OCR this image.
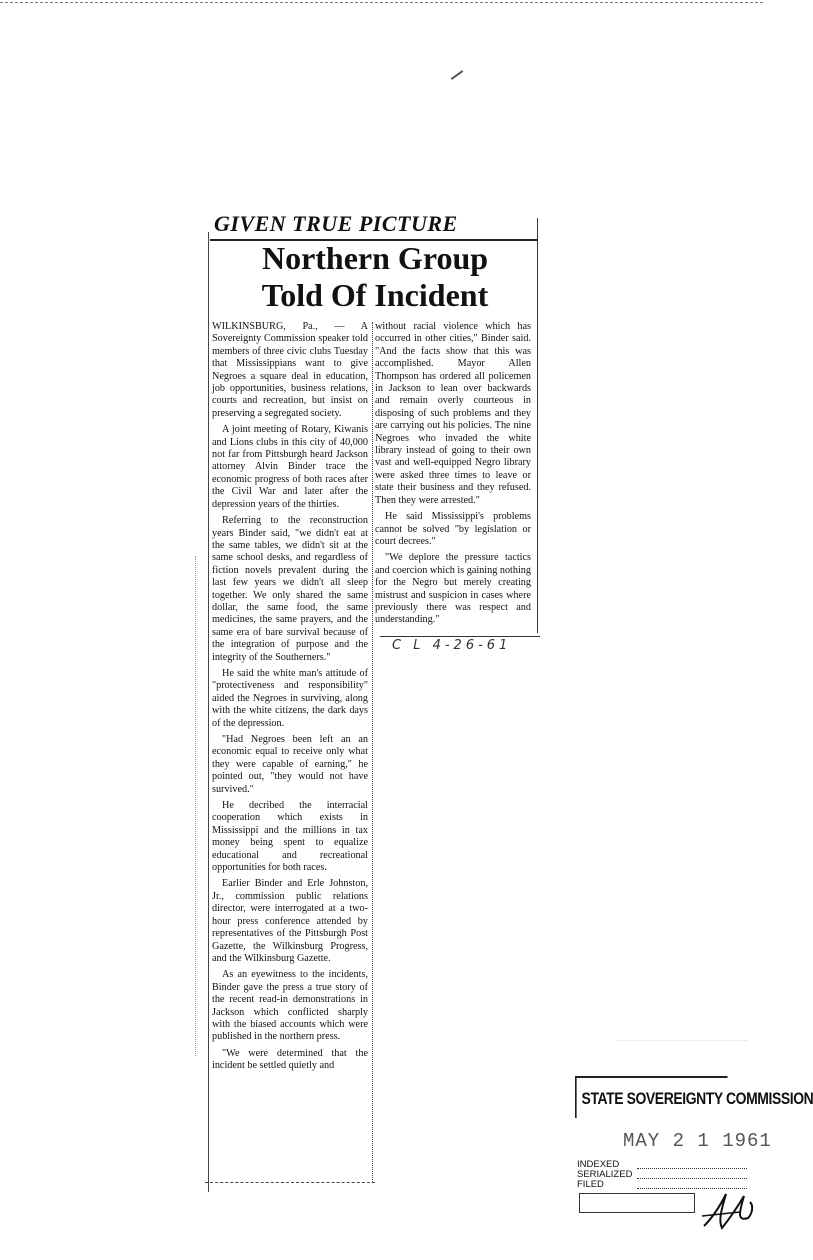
GIVEN TRUE PICTURE
Northern Group
Told Of Incident

WILKINSBURG, Pa., — A Sovereignty Commission speaker told members of three civic clubs Tuesday that Mississippians want to give Negroes a square deal in education, job opportunities, business relations, courts and recreation, but insist on preserving a segregated society.

A joint meeting of Rotary, Kiwanis and Lions clubs in this city of 40,000 not far from Pittsburgh heard Jackson attorney Alvin Binder trace the economic progress of both races after the Civil War and later after the depression years of the thirties.

Referring to the reconstruction years Binder said, "we didn't eat at the same tables, we didn't sit at the same school desks, and regardless of fiction novels prevalent during the last few years we didn't all sleep together. We only shared the same dollar, the same food, the same medicines, the same prayers, and the same era of bare survival because of the integration of purpose and the integrity of the Southerners."

He said the white man's attitude of "protectiveness and responsibility" aided the Negroes in surviving, along with the white citizens, the dark days of the depression.

"Had Negroes been left an an economic equal to receive only what they were capable of earning," he pointed out, "they would not have survived."

He decribed the interracial cooperation which exists in Mississippi and the millions in tax money being spent to equalize educational and recreational opportunities for both races.

Earlier Binder and Erle Johnston, Jr., commission public relations director, were interrogated at a two-hour press conference attended by representatives of the Pittsburgh Post Gazette, the Wilkinsburg Progress, and the Wilkinsburg Gazette.

As an eyewitness to the incidents, Binder gave the press a true story of the recent read-in demonstrations in Jackson which conflicted sharply with the biased accounts which were published in the northern press.

"We were determined that the incident be settled quietly and

without racial violence which has occurred in other cities," Binder said. "And the facts show that this was accomplished. Mayor Allen Thompson has ordered all policemen in Jackson to lean over backwards and remain overly courteous in disposing of such problems and they are carrying out his policies. The nine Negroes who invaded the white library instead of going to their own vast and well-equipped Negro library were asked three times to leave or state their business and they refused. Then they were arrested."

He said Mississippi's problems cannot be solved "by legislation or court decrees."

"We deplore the pressure tactics and coercion which is gaining nothing for the Negro but merely creating mistrust and suspicion in cases where previously there was respect and understanding."

C L 4-26-61
STATE SOVEREIGNTY COMMISSION
MAY 2 1 1961
INDEXED
SERIALIZED
FILED
